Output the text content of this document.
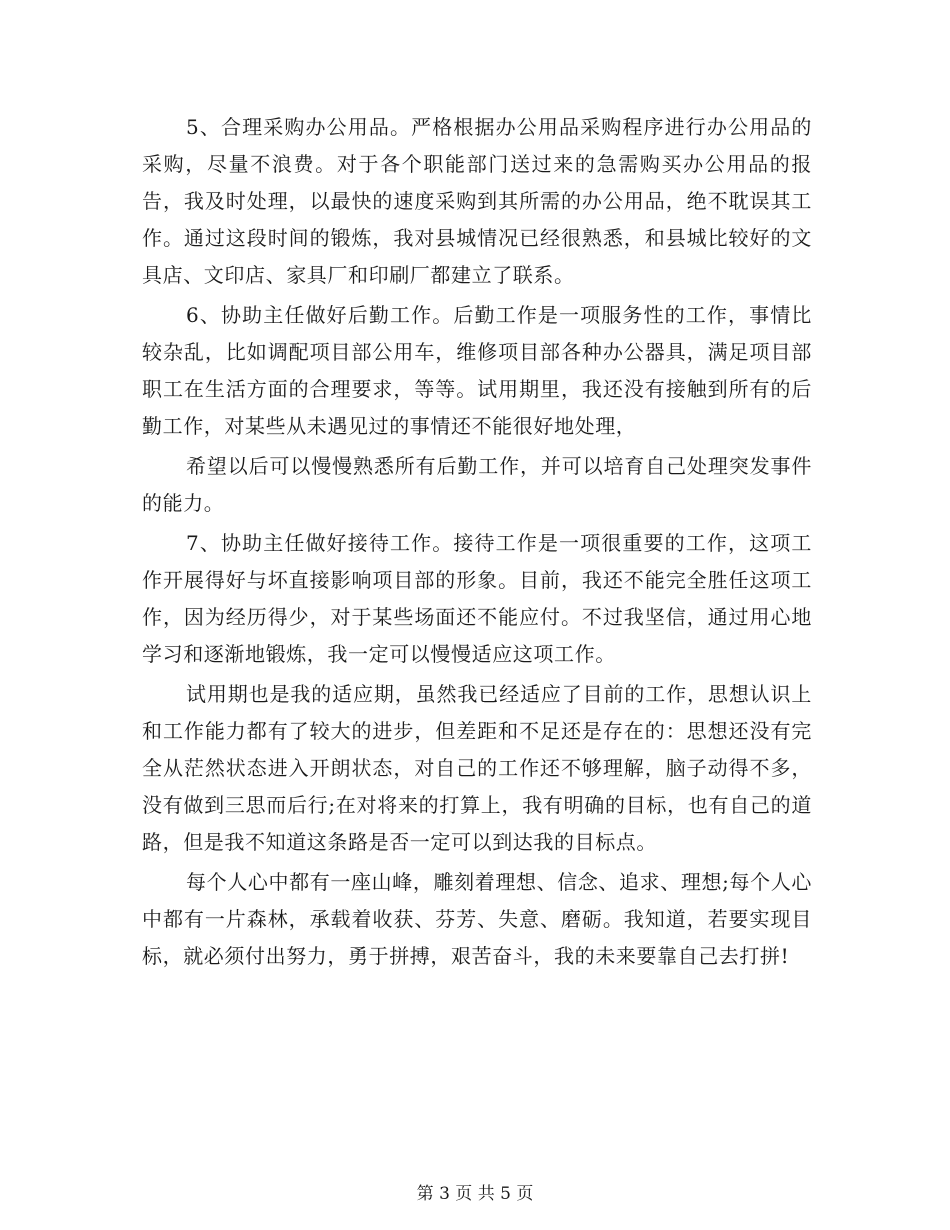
5、合理采购办公用品。严格根据办公用品采购程序进行办公用品的采购，尽量不浪费。对于各个职能部门送过来的急需购买办公用品的报告，我及时处理，以最快的速度采购到其所需的办公用品，绝不耽误其工作。通过这段时间的锻炼，我对县城情况已经很熟悉，和县城比较好的文具店、文印店、家具厂和印刷厂都建立了联系。

6、协助主任做好后勤工作。后勤工作是一项服务性的工作，事情比较杂乱，比如调配项目部公用车，维修项目部各种办公器具，满足项目部职工在生活方面的合理要求，等等。试用期里，我还没有接触到所有的后勤工作，对某些从未遇见过的事情还不能很好地处理，

希望以后可以慢慢熟悉所有后勤工作，并可以培育自己处理突发事件的能力。

7、协助主任做好接待工作。接待工作是一项很重要的工作，这项工作开展得好与坏直接影响项目部的形象。目前，我还不能完全胜任这项工作，因为经历得少，对于某些场面还不能应付。不过我坚信，通过用心地学习和逐渐地锻炼，我一定可以慢慢适应这项工作。

试用期也是我的适应期，虽然我已经适应了目前的工作，思想认识上和工作能力都有了较大的进步，但差距和不足还是存在的：思想还没有完全从茫然状态进入开朗状态，对自己的工作还不够理解，脑子动得不多，没有做到三思而后行;在对将来的打算上，我有明确的目标，也有自己的道路，但是我不知道这条路是否一定可以到达我的目标点。

每个人心中都有一座山峰，雕刻着理想、信念、追求、理想;每个人心中都有一片森林，承载着收获、芬芳、失意、磨砺。我知道，若要实现目标，就必须付出努力，勇于拼搏，艰苦奋斗，我的未来要靠自己去打拼!

第 3 页 共 5 页
